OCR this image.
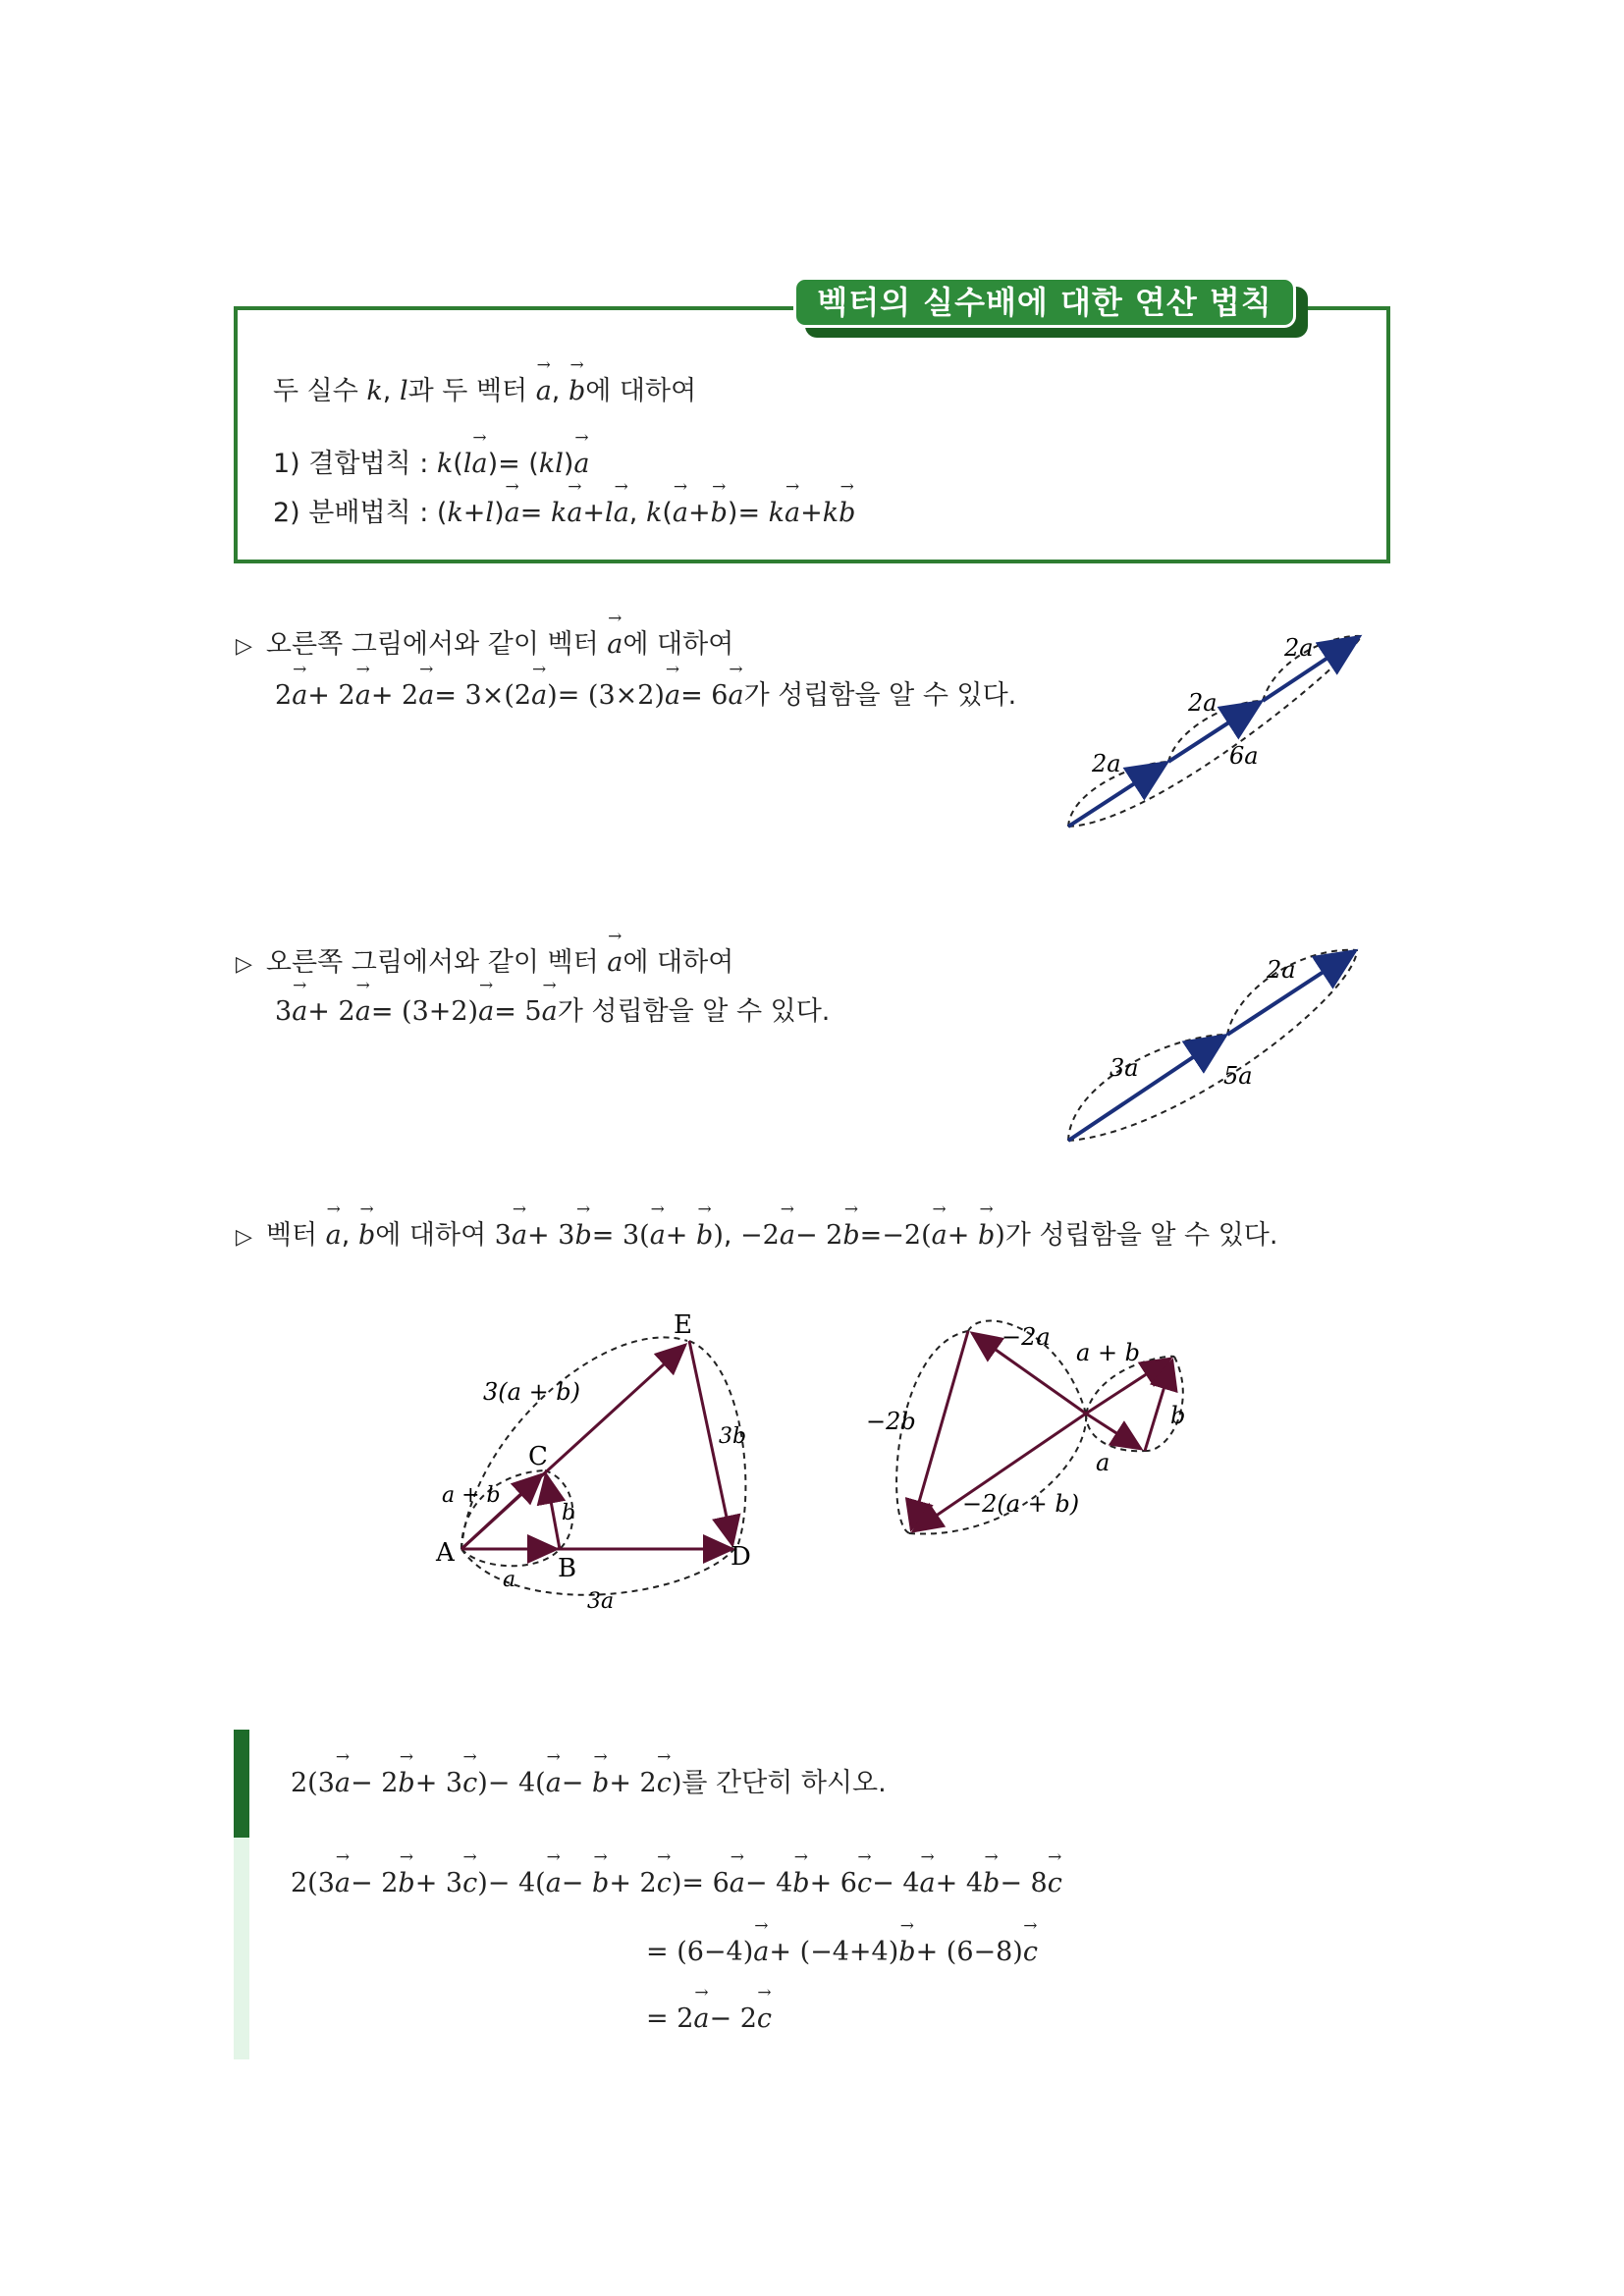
벡터의 실수배에 대한 연산 법칙
두 실수 k, l과 두 벡터 → a, → b에 대하여
1) 결합법칙 : k(l→ a)= (kl)→ a
2) 분배법칙 : (k+l)→ a= k→ a+l→ a, k(→ a+→ b)= k→ a+k→ b
▷ 오른쪽 그림에서와 같이 벡터 → a에 대하여
2→ a+ 2→ a+ 2→ a= 3×(2→ a)= (3×2)→ a= 6→ a가 성립함을 알 수 있다.
2a
2a
2a
6a
▷ 오른쪽 그림에서와 같이 벡터 → a에 대하여
3→ a+ 2→ a= (3+2)→ a= 5→ a가 성립함을 알 수 있다.
3a
2a
5a
▷ 벡터 → a, → b에 대하여 3→ a+ 3→ b= 3(→ a+ → b), −2→ a− 2→ b=−2(→ a+ → b)가 성립함을 알 수 있다.
A
B
C
D
E
3(a + b)
a + b
b
3b
a
3a
−2a
a + b
−2b	b
a
−2(a + b)
2(3→ a− 2→ b+ 3→ c)− 4(→ a− → b+ 2→ c)를 간단히 하시오.
2(3→ a− 2→ b+ 3→ c)− 4(→ a− → b+ 2→ c)= 6→ a− 4→ b+ 6→ c− 4→ a+ 4→ b− 8→ c
= (6−4)→ a+ (−4+4)→ b+ (6−8)→ c
= 2→ a− 2→ c
